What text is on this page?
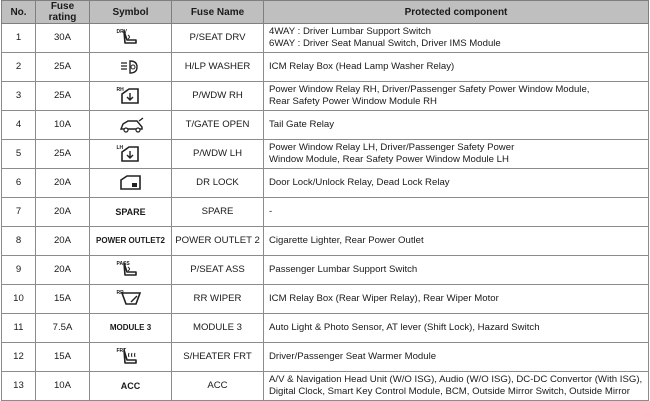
No.	Fuse rating	Symbol	Fuse Name	Protected component
1	30A	DRV	P/SEAT DRV	4WAY : Driver Lumbar Support Switch
6WAY : Driver Seat Manual Switch, Driver IMS Module

2	25A		H/LP WASHER	ICM Relay Box (Head Lamp Washer Relay)

3	25A	RH	P/WDW RH	Power Window Relay RH, Driver/Passenger Safety Power Window Module,
Rear Safety Power Window Module RH

4	10A		T/GATE OPEN	Tail Gate Relay

5	25A	LH	P/WDW LH	Power Window Relay LH, Driver/Passenger Safety Power
Window Module, Rear Safety Power Window Module LH

6	20A		DR LOCK	Door Lock/Unlock Relay, Dead Lock Relay

7	20A	SPARE	SPARE	-

8	20A	POWER OUTLET2	POWER OUTLET 2	Cigarette Lighter, Rear Power Outlet

9	20A	PASS	P/SEAT ASS	Passenger Lumbar Support Switch

10	15A	RR	RR WIPER	ICM Relay Box (Rear Wiper Relay), Rear Wiper Motor

11	7.5A	MODULE 3	MODULE 3	Auto Light & Photo Sensor, AT lever (Shift Lock), Hazard Switch

12	15A	FRT	S/HEATER FRT	Driver/Passenger Seat Warmer Module

13	10A	ACC	ACC	A/V & Navigation Head Unit (W/O ISG), Audio (W/O ISG), DC-DC Convertor (With ISG),
Digital Clock, Smart Key Control Module, BCM, Outside Mirror Switch, Outside Mirror
